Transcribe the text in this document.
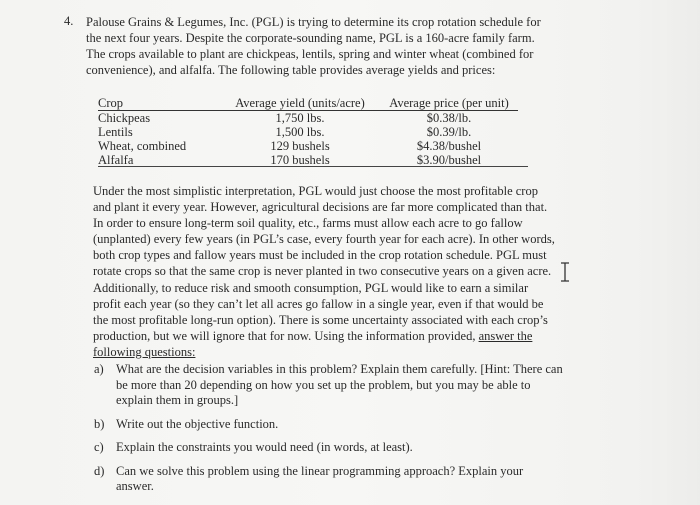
4. Palouse Grains & Legumes, Inc. (PGL) is trying to determine its crop rotation schedule for the next four years. Despite the corporate-sounding name, PGL is a 160-acre family farm. The crops available to plant are chickpeas, lentils, spring and winter wheat (combined for convenience), and alfalfa. The following table provides average yields and prices:
Crop	Average yield (units/acre)	Average price (per unit)
Chickpeas	1,750 lbs.	$0.38/lb.
Lentils	1,500 lbs.	$0.39/lb.
Wheat, combined	129 bushels	$4.38/bushel
Alfalfa	170 bushels	$3.90/bushel
Under the most simplistic interpretation, PGL would just choose the most profitable crop and plant it every year. However, agricultural decisions are far more complicated than that. In order to ensure long-term soil quality, etc., farms must allow each acre to go fallow (unplanted) every few years (in PGL’s case, every fourth year for each acre). In other words, both crop types and fallow years must be included in the crop rotation schedule. PGL must rotate crops so that the same crop is never planted in two consecutive years on a given acre. Additionally, to reduce risk and smooth consumption, PGL would like to earn a similar profit each year (so they can’t let all acres go fallow in a single year, even if that would be the most profitable long-run option). There is some uncertainty associated with each crop’s production, but we will ignore that for now. Using the information provided, answer the following questions:
a) What are the decision variables in this problem? Explain them carefully. [Hint: There can be more than 20 depending on how you set up the problem, but you may be able to explain them in groups.]
b) Write out the objective function.
c) Explain the constraints you would need (in words, at least).
d) Can we solve this problem using the linear programming approach? Explain your answer.
